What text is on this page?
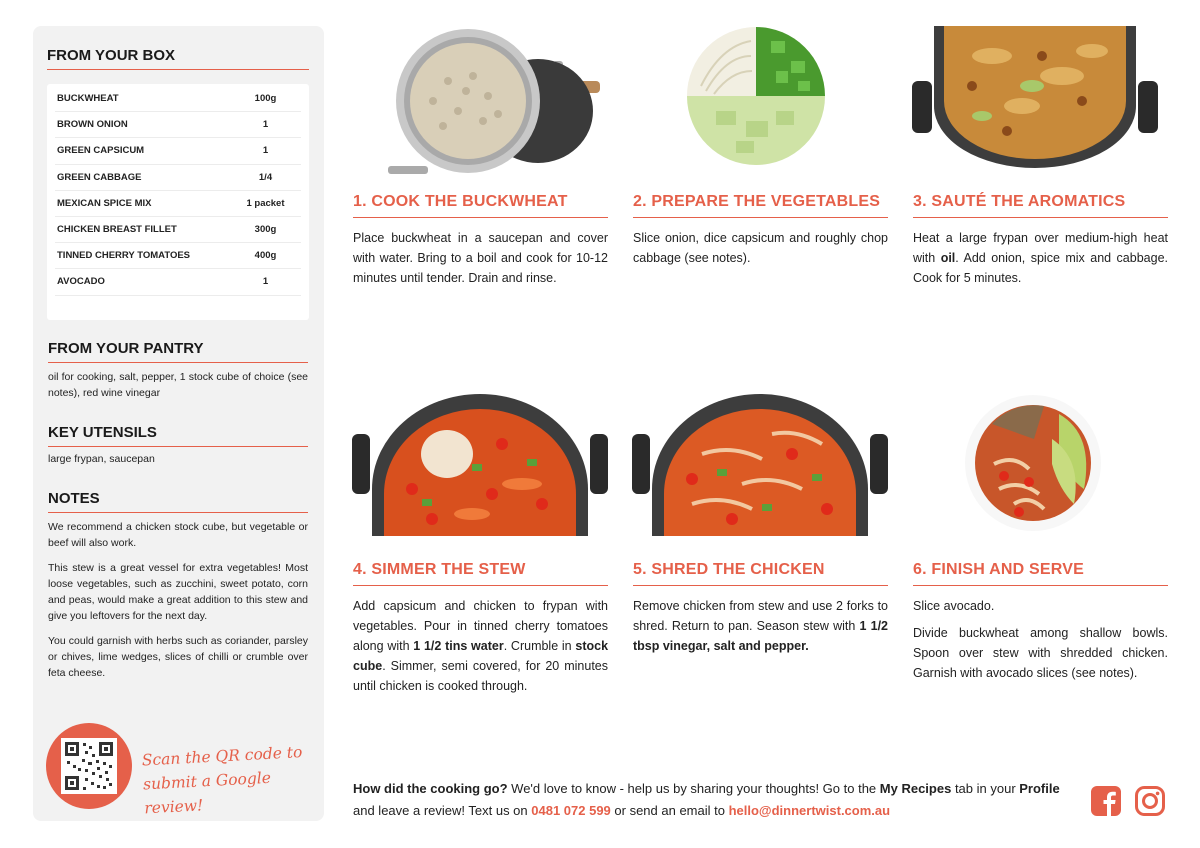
FROM YOUR BOX
BUCKWHEAT	100g
BROWN ONION	1
GREEN CAPSICUM	1
GREEN CABBAGE	1/4
MEXICAN SPICE MIX	1 packet
CHICKEN BREAST FILLET	300g
TINNED CHERRY TOMATOES	400g
AVOCADO	1
FROM YOUR PANTRY
oil for cooking, salt, pepper, 1 stock cube of choice (see notes), red wine vinegar
KEY UTENSILS
large frypan, saucepan
NOTES

We recommend a chicken stock cube, but vegetable or beef will also work.

This stew is a great vessel for extra vegetables! Most loose vegetables, such as zucchini, sweet potato, corn and peas, would make a great addition to this stew and give you leftovers for the next day.

You could garnish with herbs such as coriander, parsley or chives, lime wedges, slices of chilli or crumble over feta cheese.

Scan the QR code to
submit a Google review!
1. COOK THE BUCKWHEAT
Place buckwheat in a saucepan and cover with water. Bring to a boil and cook for 10-12 minutes until tender. Drain and rinse.
2. PREPARE THE VEGETABLES
Slice onion, dice capsicum and roughly chop cabbage (see notes).
3. SAUTÉ THE AROMATICS
Heat a large frypan over medium-high heat with oil. Add onion, spice mix and cabbage. Cook for 5 minutes.
4. SIMMER THE STEW
Add capsicum and chicken to frypan with vegetables. Pour in tinned cherry tomatoes along with 1 1/2 tins water. Crumble in stock cube. Simmer, semi covered, for 20 minutes until chicken is cooked through.
5. SHRED THE CHICKEN
Remove chicken from stew and use 2 forks to shred. Return to pan. Season stew with 1 1/2 tbsp vinegar, salt and pepper.
6. FINISH AND SERVE

Slice avocado.

Divide buckwheat among shallow bowls. Spoon over stew with shredded chicken. Garnish with avocado slices (see notes).

How did the cooking go? We'd love to know - help us by sharing your thoughts! Go to the My Recipes tab in your Profile and leave a review! Text us on 0481 072 599 or send an email to hello@dinnertwist.com.au
